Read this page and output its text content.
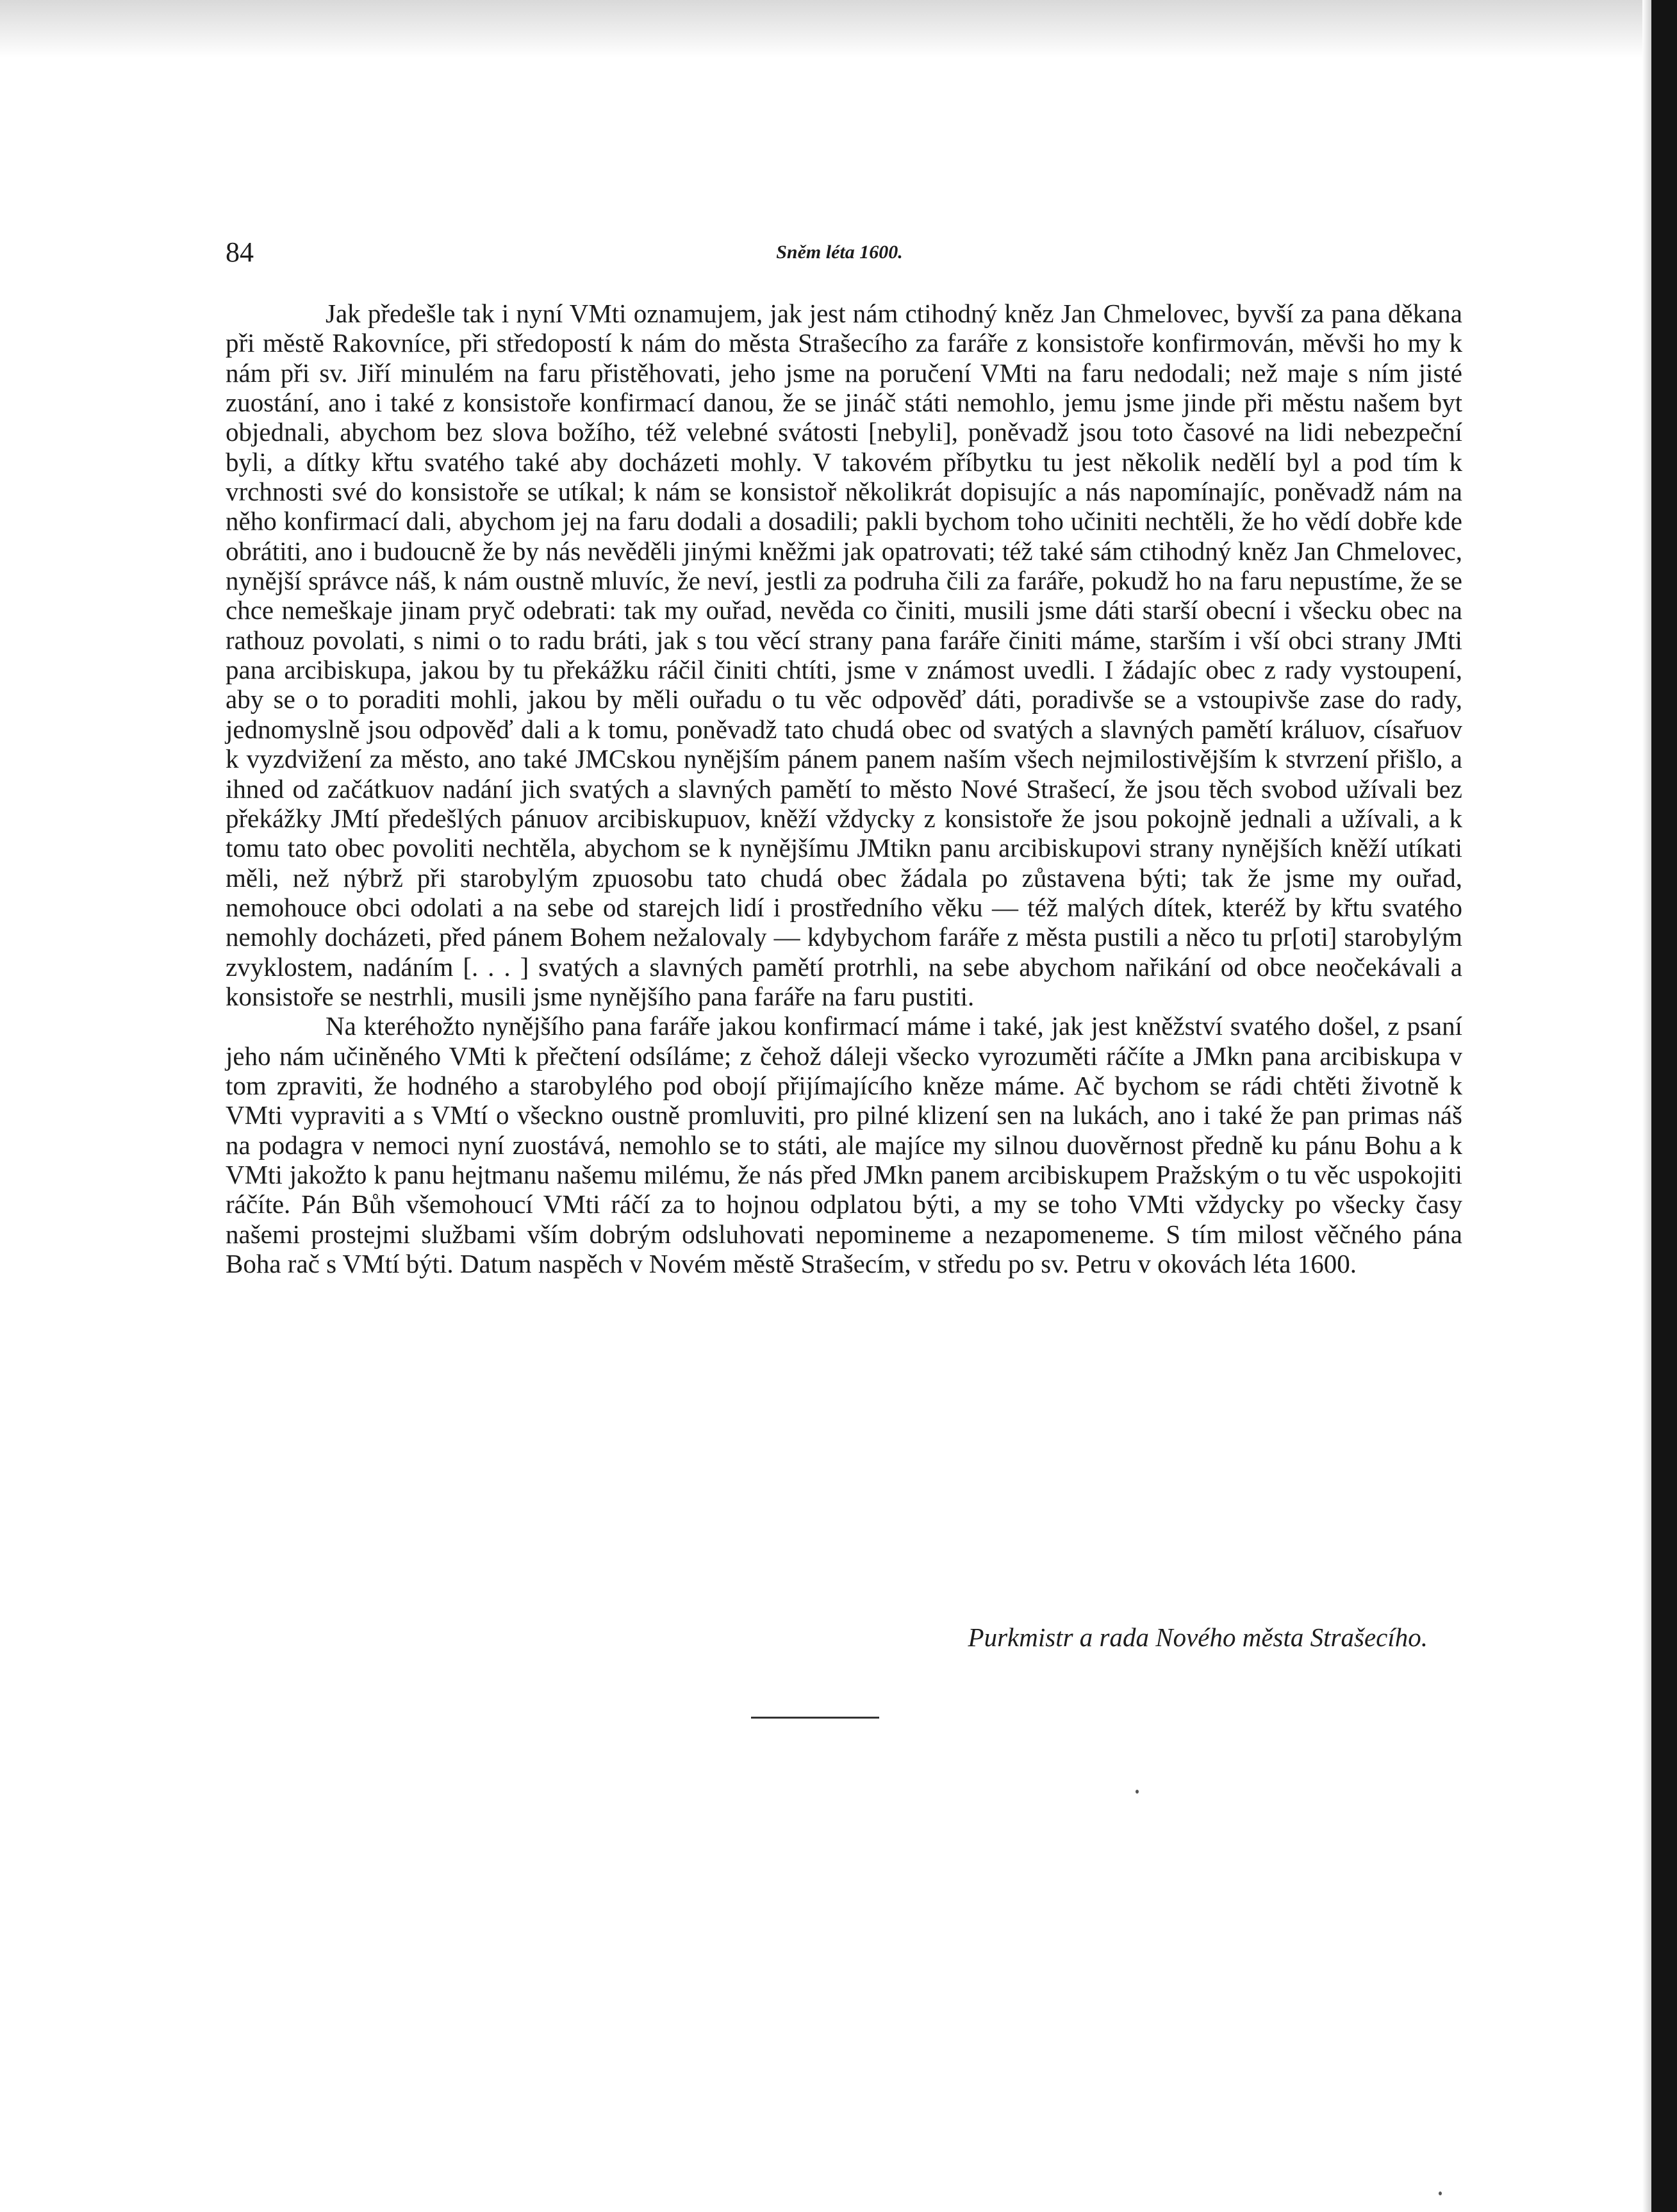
84	Sněm léta 1600.

Jak předešle tak i nyní VMti oznamujem, jak jest nám ctihodný kněz Jan Chmelovec, byvší za pana děkana při městě Rakovníce, při středopostí k nám do města Strašecího za faráře z konsistoře konfirmován, měvši ho my k nám při sv. Jiří minulém na faru přistěhovati, jeho jsme na poručení VMti na faru nedodali; než maje s ním jisté zuostání, ano i také z konsistoře konfirmací danou, že se jináč státi nemohlo, jemu jsme jinde při městu našem byt objednali, abychom bez slova božího, též velebné svátosti [nebyli], poněvadž jsou toto časové na lidi nebezpeční byli, a dítky křtu svatého také aby docházeti mohly. V takovém příbytku tu jest několik nedělí byl a pod tím k vrchnosti své do konsistoře se utíkal; k nám se konsistoř několikrát dopisujíc a nás napomínajíc, poněvadž nám na něho konfirmací dali, abychom jej na faru dodali a dosadili; pakli bychom toho učiniti nechtěli, že ho vědí dobře kde obrátiti, ano i budoucně že by nás nevěděli jinými kněžmi jak opatrovati; též také sám ctihodný kněz Jan Chmelovec, nynější správce náš, k nám oustně mluvíc, že neví, jestli za podruha čili za faráře, pokudž ho na faru nepustíme, že se chce nemeškaje jinam pryč odebrati: tak my ouřad, nevěda co činiti, musili jsme dáti starší obecní i všecku obec na rathouz povolati, s nimi o to radu bráti, jak s tou věcí strany pana faráře činiti máme, starším i vší obci strany JMti pana arcibiskupa, jakou by tu překážku ráčil činiti chtíti, jsme v známost uvedli. I žádajíc obec z rady vystoupení, aby se o to poraditi mohli, jakou by měli ouřadu o tu věc odpověď dáti, poradivše se a vstoupivše zase do rady, jednomyslně jsou odpověď dali a k tomu, poněvadž tato chudá obec od svatých a slavných pamětí králuov, císařuov k vyzdvižení za město, ano také JMCskou nynějším pánem panem naším všech nejmilostivějším k stvrzení přišlo, a ihned od začátkuov nadání jich svatých a slavných pamětí to město Nové Strašecí, že jsou těch svobod užívali bez překážky JMtí předešlých pánuov arcibiskupuov, kněží vždycky z konsistoře že jsou pokojně jednali a užívali, a k tomu tato obec povoliti nechtěla, abychom se k nynějšímu JMtikn panu arcibiskupovi strany nynějších kněží utíkati měli, než nýbrž při starobylým zpuosobu tato chudá obec žádala po zůstavena býti; tak že jsme my ouřad, nemohouce obci odolati a na sebe od starejch lidí i prostředního věku — též malých dítek, kteréž by křtu svatého nemohly docházeti, před pánem Bohem nežalovaly — kdybychom faráře z města pustili a něco tu pr[oti] starobylým zvyklostem, nadáním [. . . ] svatých a slavných pamětí protrhli, na sebe abychom nařikání od obce neočekávali a konsistoře se nestrhli, musili jsme nynějšího pana faráře na faru pustiti.

Na kteréhožto nynějšího pana faráře jakou konfirmací máme i také, jak jest kněžství svatého došel, z psaní jeho nám učiněného VMti k přečtení odsíláme; z čehož dáleji všecko vyrozuměti ráčíte a JMkn pana arcibiskupa v tom zpraviti, že hodného a starobylého pod obojí přijímajícího kněze máme. Ač bychom se rádi chtěti životně k VMti vypraviti a s VMtí o všeckno oustně promluviti, pro pilné klizení sen na lukách, ano i také že pan primas náš na podagra v nemoci nyní zuostává, nemohlo se to státi, ale majíce my silnou duověrnost předně ku pánu Bohu a k VMti jakožto k panu hejtmanu našemu milému, že nás před JMkn panem arcibiskupem Pražským o tu věc uspokojiti ráčíte. Pán Bůh všemohoucí VMti ráčí za to hojnou odplatou býti, a my se toho VMti vždycky po všecky časy našemi prostejmi službami vším dobrým odsluhovati nepomineme a nezapomeneme. S tím milost věčného pána Boha rač s VMtí býti. Datum naspěch v Novém městě Strašecím, v středu po sv. Petru v okovách léta 1600.

Purkmistr a rada Nového města Strašecího.
